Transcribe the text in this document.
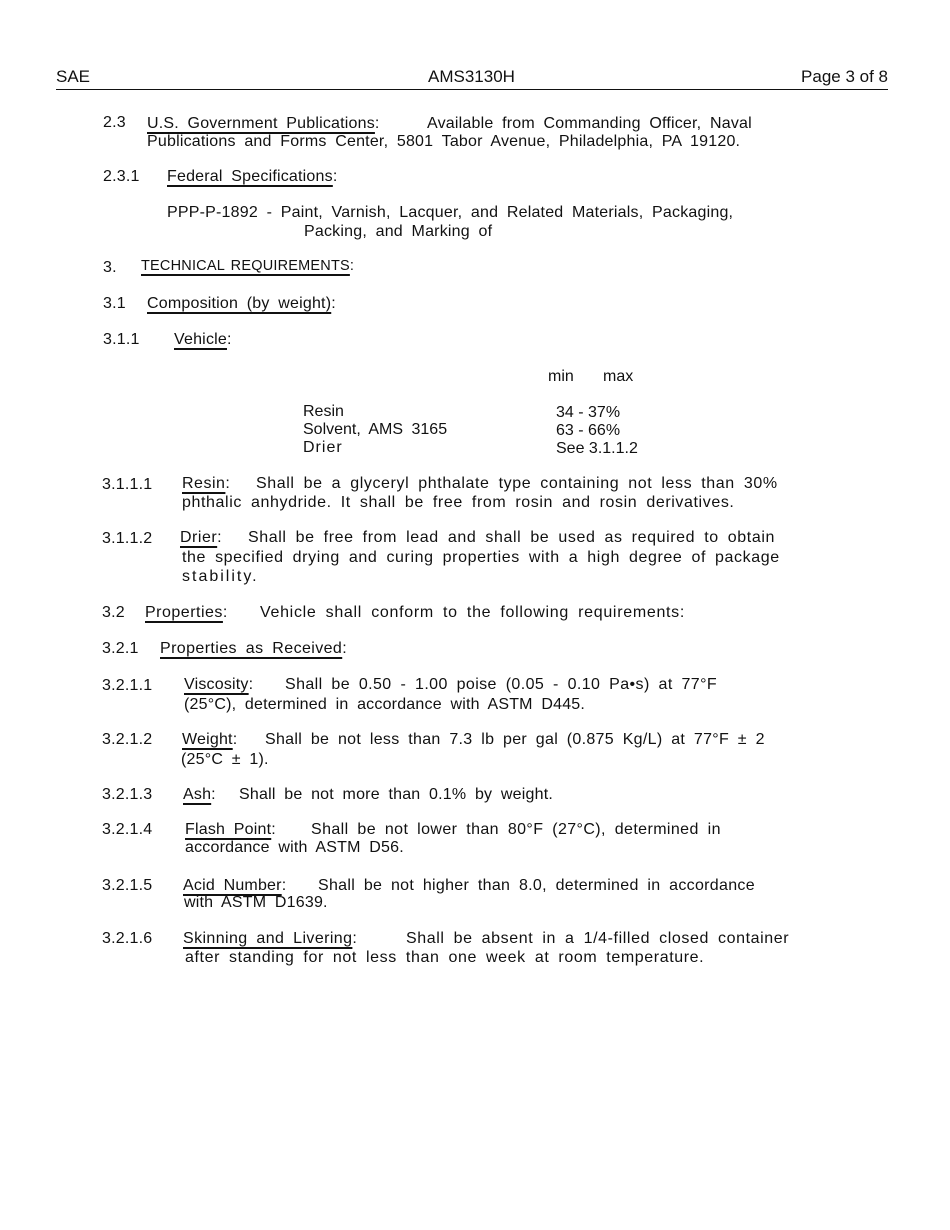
SAE	AMS3130H	Page 3 of 8
2.3 U.S. Government Publications:	Available from Commanding Officer, Naval
Publications and Forms Center, 5801 Tabor Avenue, Philadelphia, PA 19120.
2.3.1 Federal Specifications:
PPP-P-1892 - Paint, Varnish, Lacquer, and Related Materials, Packaging,
Packing, and Marking of
3. TECHNICAL REQUIREMENTS:
3.1 Composition (by weight):
3.1.1 Vehicle:
min max
Resin	34 - 37%
Solvent, AMS 3165	63 - 66%
Drier	See 3.1.1.2
3.1.1.1 Resin: Shall be a glyceryl phthalate type containing not less than 30%
phthalic anhydride. It shall be free from rosin and rosin derivatives.
3.1.1.2 Drier: Shall be free from lead and shall be used as required to obtain
the specified drying and curing properties with a high degree of package
stability.
3.2 Properties: Vehicle shall conform to the following requirements:
3.2.1 Properties as Received:
3.2.1.1 Viscosity: Shall be 0.50 - 1.00 poise (0.05 - 0.10 Pa•s) at 77°F
(25°C), determined in accordance with ASTM D445.
3.2.1.2 Weight: Shall be not less than 7.3 lb per gal (0.875 Kg/L) at 77°F ± 2
(25°C ± 1).
3.2.1.3 Ash: Shall be not more than 0.1% by weight.
3.2.1.4 Flash Point: Shall be not lower than 80°F (27°C), determined in
accordance with ASTM D56.
3.2.1.5 Acid Number: Shall be not higher than 8.0, determined in accordance
with ASTM D1639.
3.2.1.6 Skinning and Livering:	Shall be absent in a 1/4-filled closed container
after standing for not less than one week at room temperature.
